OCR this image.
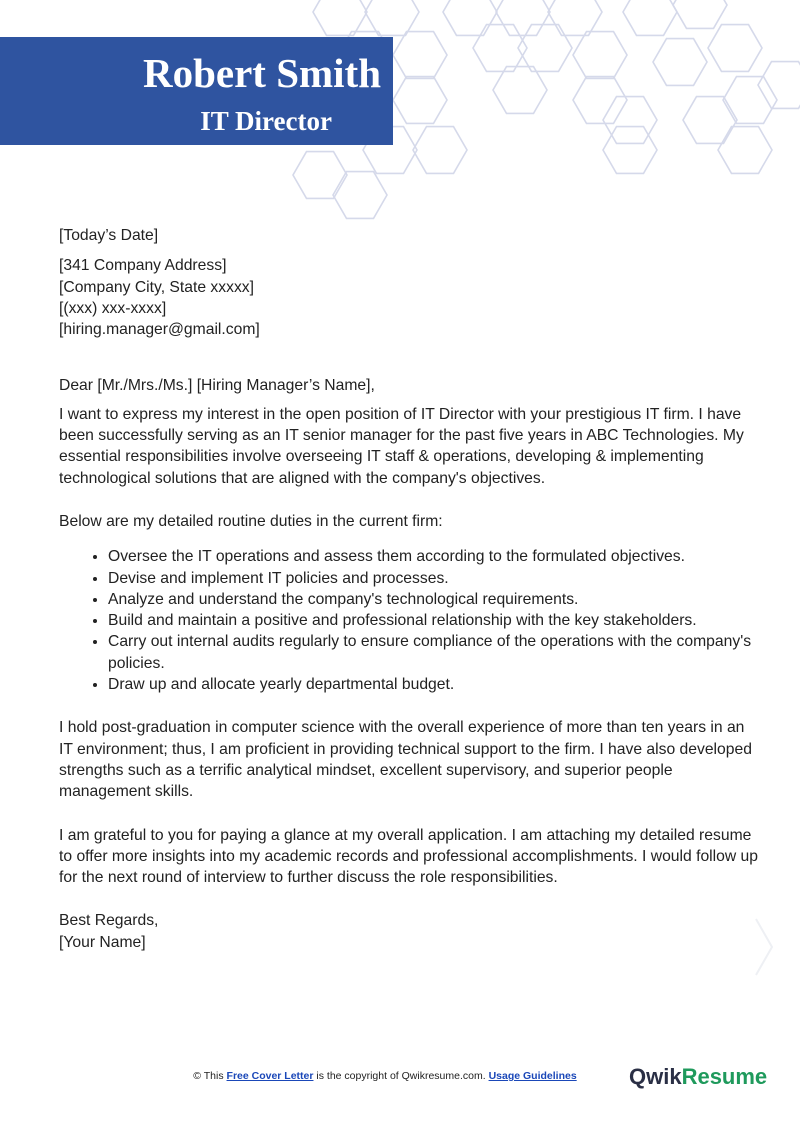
Robert Smith
IT Director

[Today’s Date]

[341 Company Address]

[Company City, State xxxxx]

[(xxx) xxx-xxxx]

[hiring.manager@gmail.com]

Dear [Mr./Mrs./Ms.] [Hiring Manager’s Name],

I want to express my interest in the open position of IT Director with your prestigious IT firm. I have been successfully serving as an IT senior manager for the past five years in ABC Technologies. My essential responsibilities involve overseeing IT staff & operations, developing & implementing technological solutions that are aligned with the company's objectives.

Below are my detailed routine duties in the current firm:

• Oversee the IT operations and assess them according to the formulated objectives.
• Devise and implement IT policies and processes.
• Analyze and understand the company's technological requirements.
• Build and maintain a positive and professional relationship with the key stakeholders.
• Carry out internal audits regularly to ensure compliance of the operations with the company's policies.
• Draw up and allocate yearly departmental budget.

I hold post-graduation in computer science with the overall experience of more than ten years in an IT environment; thus, I am proficient in providing technical support to the firm. I have also developed strengths such as a terrific analytical mindset, excellent supervisory, and superior people management skills.

I am grateful to you for paying a glance at my overall application. I am attaching my detailed resume to offer more insights into my academic records and professional accomplishments. I would follow up for the next round of interview to further discuss the role responsibilities.

Best Regards,

[Your Name]

© This Free Cover Letter is the copyright of Qwikresume.com. Usage Guidelines	QwikResume
